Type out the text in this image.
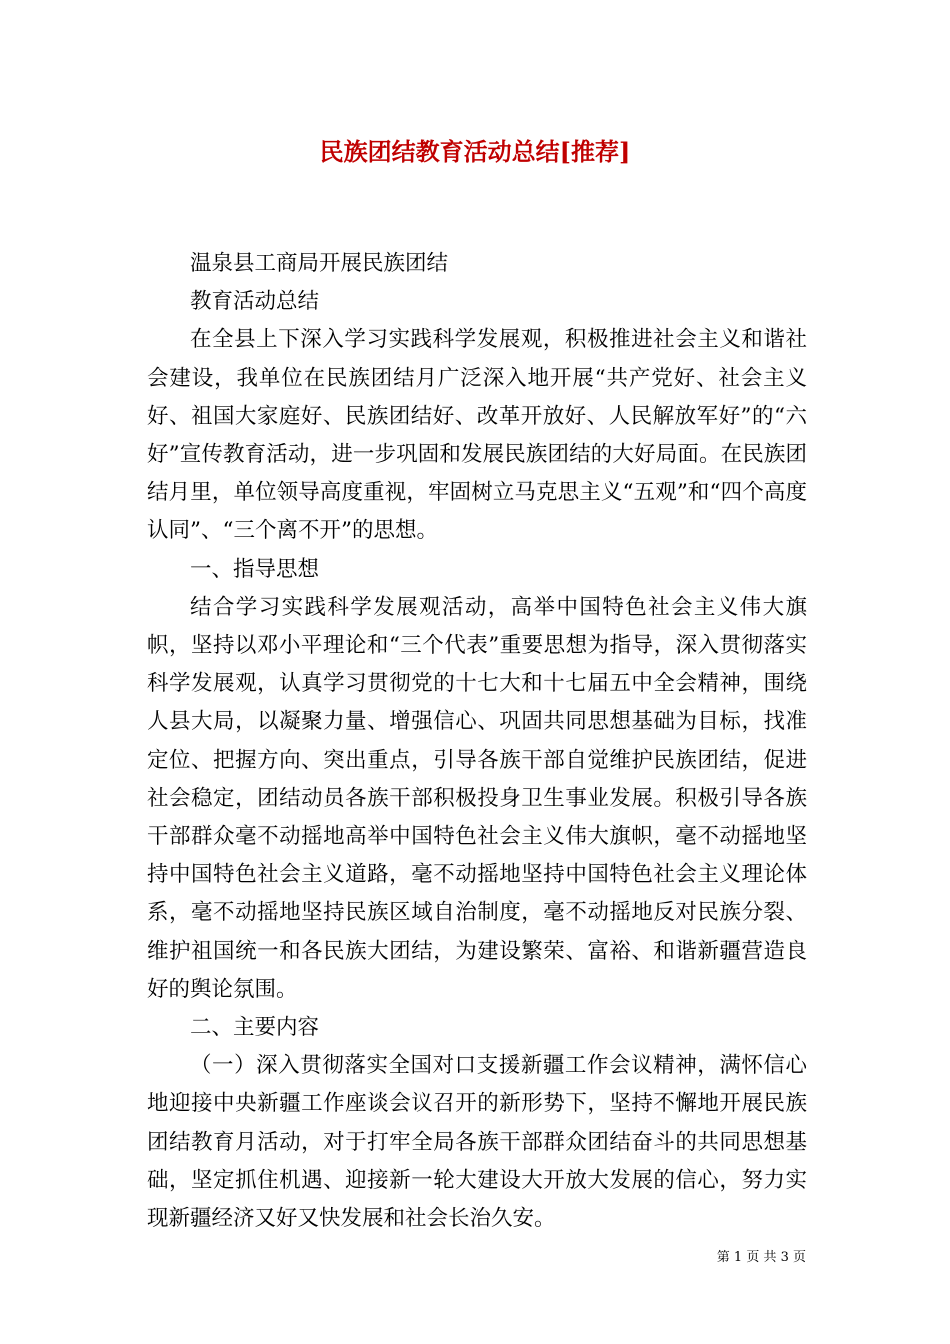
民族团结教育活动总结[推荐]

温泉县工商局开展民族团结

教育活动总结

在全县上下深入学习实践科学发展观，积极推进社会主义和谐社会建设，我单位在民族团结月广泛深入地开展“共产党好、社会主义好、祖国大家庭好、民族团结好、改革开放好、人民解放军好”的“六好”宣传教育活动，进一步巩固和发展民族团结的大好局面。在民族团结月里，单位领导高度重视，牢固树立马克思主义“五观”和“四个高度认同”、“三个离不开”的思想。

一、指导思想

结合学习实践科学发展观活动，高举中国特色社会主义伟大旗帜，坚持以邓小平理论和“三个代表”重要思想为指导，深入贯彻落实科学发展观，认真学习贯彻党的十七大和十七届五中全会精神，围绕人县大局，以凝聚力量、增强信心、巩固共同思想基础为目标，找准定位、把握方向、突出重点，引导各族干部自觉维护民族团结，促进社会稳定，团结动员各族干部积极投身卫生事业发展。积极引导各族干部群众毫不动摇地高举中国特色社会主义伟大旗帜，毫不动摇地坚持中国特色社会主义道路，毫不动摇地坚持中国特色社会主义理论体系，毫不动摇地坚持民族区域自治制度，毫不动摇地反对民族分裂、维护祖国统一和各民族大团结，为建设繁荣、富裕、和谐新疆营造良好的舆论氛围。

二、主要内容

（一）深入贯彻落实全国对口支援新疆工作会议精神，满怀信心地迎接中央新疆工作座谈会议召开的新形势下，坚持不懈地开展民族团结教育月活动，对于打牢全局各族干部群众团结奋斗的共同思想基础，坚定抓住机遇、迎接新一轮大建设大开放大发展的信心，努力实现新疆经济又好又快发展和社会长治久安。

第 1 页 共 3 页
